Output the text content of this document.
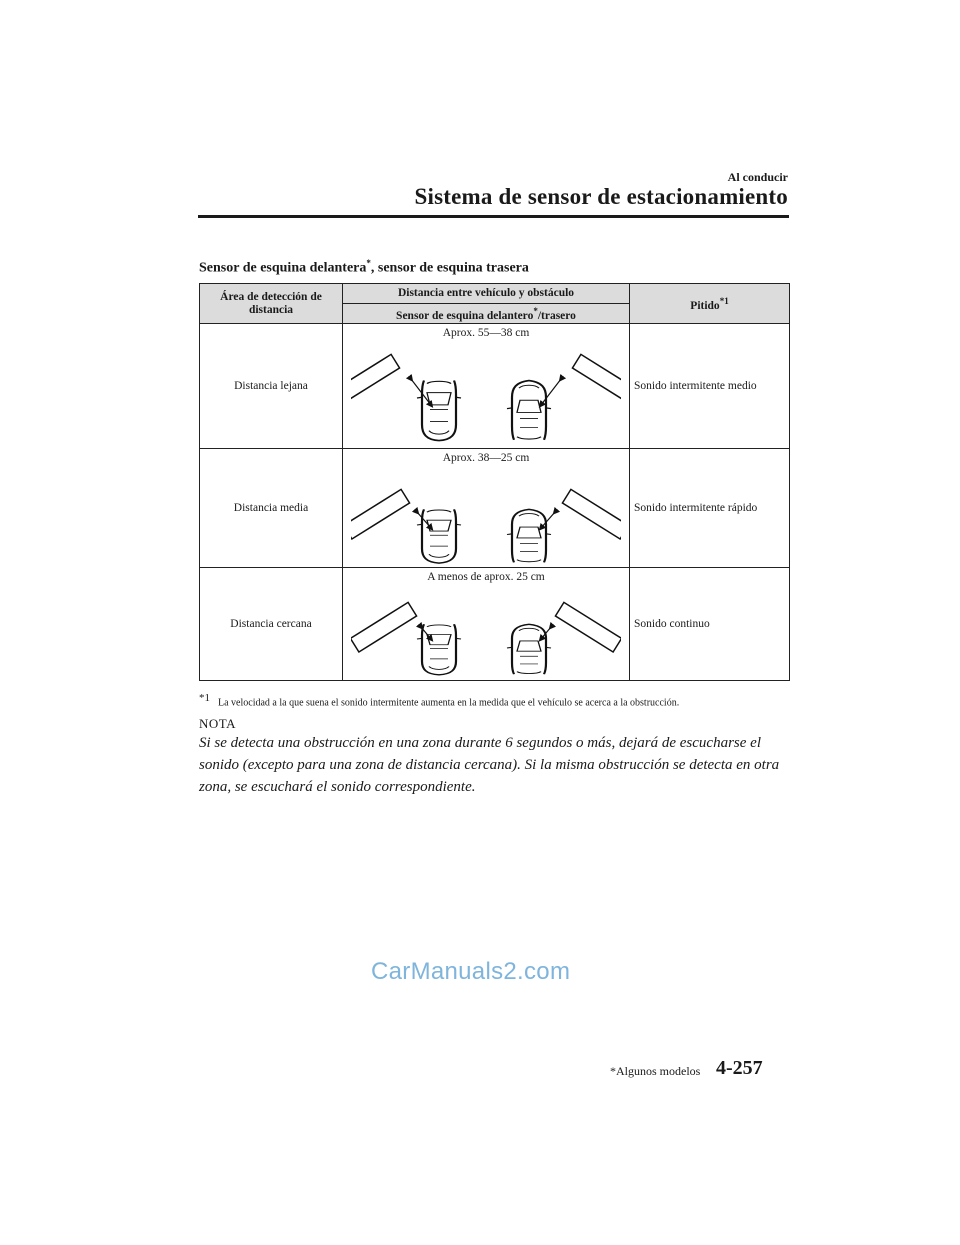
Al conducir
Sistema de sensor de estacionamiento
Sensor de esquina delantera*, sensor de esquina trasera
Área de detección de
distancia	Distancia entre vehículo y obstáculo	Pitido$^{*1}$
	Sensor de esquina delantero*/trasero	
Distancia lejana	Aprox. 55—38 cm	Sonido intermitente medio
Distancia media	Aprox. 38—25 cm	Sonido intermitente rápido
Distancia cercana	A menos de aprox. 25 cm	Sonido continuo
$^{*1}$ La velocidad a la que suena el sonido intermitente aumenta en la medida que el vehículo se acerca a la obstrucción.
NOTA
Si se detecta una obstrucción en una zona durante 6 segundos o más, dejará de escucharse el sonido (excepto para una zona de distancia cercana). Si la misma obstrucción se detecta en otra zona, se escuchará el sonido correspondiente.
CarManuals2.com
*Algunos modelos 4-257
